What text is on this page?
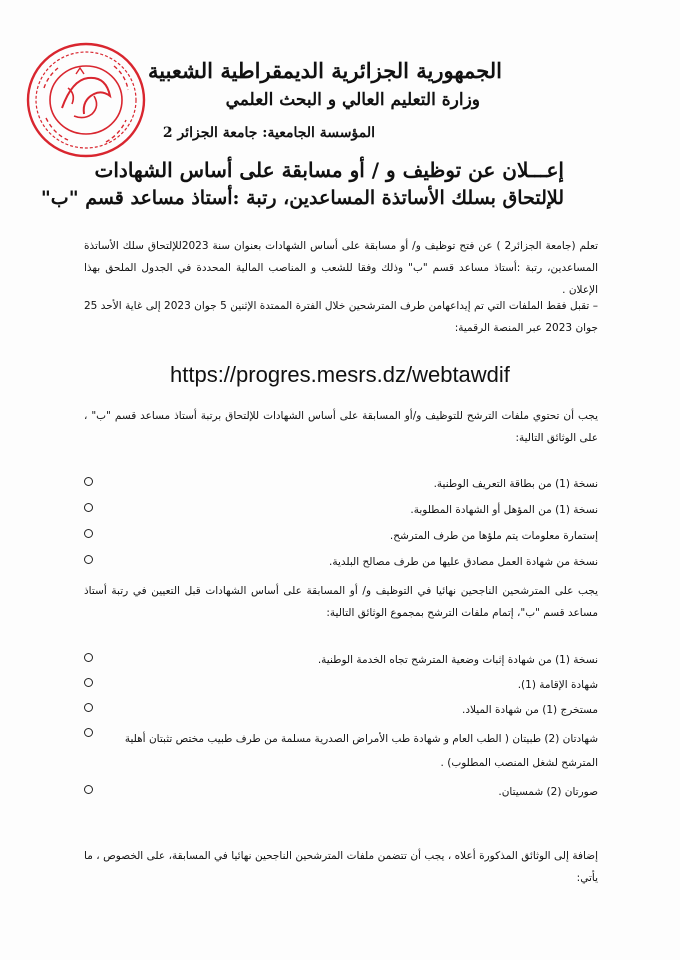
الجمهورية الجزائرية الديمقراطية الشعبية
وزارة التعليم العالي و البحث العلمي
المؤسسة الجامعية: جامعة الجزائر 2
إعـــلان عن توظيف و / أو مسابقة على أساس الشهادات
للإلتحاق بسلك الأساتذة المساعدين، رتبة :أستاذ مساعد قسم "ب"
تعلم (جامعة الجزائر2 ) عن فتح توظيف و/ أو مسابقة على أساس الشهادات بعنوان سنة 2023للإلتحاق سلك الأساتذة المساعدين، رتبة :أستاذ مساعد قسم "ب" وذلك وفقا للشعب و المناصب المالية المحددة في الجدول الملحق بهذا الإعلان .
– تقبل فقط الملفات التي تم إيداعهامن طرف المترشحين خلال الفترة الممتدة الإثنين 5 جوان 2023 إلى غاية الأحد 25 جوان 2023 عبر المنصة الرقمية:
https://progres.mesrs.dz/webtawdif
يجب أن تحتوي ملفات الترشح للتوظيف و/أو المسابقة على أساس الشهادات للإلتحاق برتبة أستاذ مساعد قسم "ب" ، على الوثائق التالية:
نسخة (1) من بطاقة التعريف الوطنية.
نسخة (1) من المؤهل أو الشهادة المطلوبة.
إستمارة معلومات يتم ملؤها من طرف المترشح.
نسخة من شهادة العمل مصادق عليها من طرف مصالح البلدية.
يجب على المترشحين الناجحين نهائيا في التوظيف و/ أو المسابقة على أساس الشهادات قبل التعيين في رتبة أستاذ مساعد قسم "ب"، إتمام ملفات الترشح بمجموع الوثائق التالية:
نسخة (1) من شهادة إثبات وضعية المترشح تجاه الخدمة الوطنية.
شهادة الإقامة (1).
مستخرج (1) من شهادة الميلاد.
شهادتان (2) طبيتان ( الطب العام و شهادة طب الأمراض الصدرية مسلمة من طرف طبيب مختص تثبتان أهلية المترشح لشغل المنصب المطلوب) .
صورتان (2) شمسيتان.
إضافة إلى الوثائق المذكورة أعلاه ، يجب أن تتضمن ملفات المترشحين الناجحين نهائيا في المسابقة، على الخصوص ، ما يأتي:
